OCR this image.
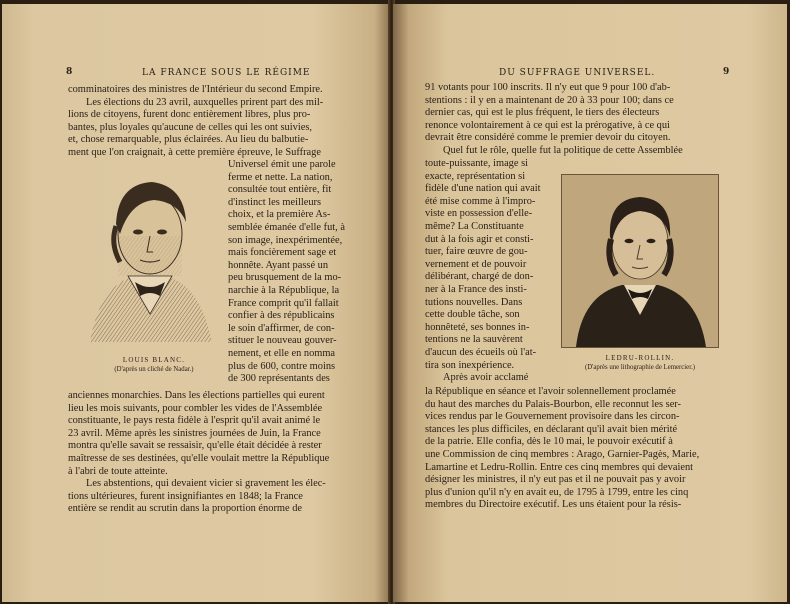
8	LA FRANCE SOUS LE RÉGIME

comminatoires des ministres de l'Intérieur du second Empire.

Les élections du 23 avril, auxquelles prirent part des mil-

lions de citoyens, furent donc entièrement libres, plus pro-

bantes, plus loyales qu'aucune de celles qui les ont suivies,

et, chose remarquable, plus éclairées. Au lieu du balbutie-

ment que l'on craignait, à cette première épreuve, le Suffrage

LOUIS BLANC.
(D'après un cliché de Nadar.)

Universel émit une parole

ferme et nette. La nation,

consultée tout entière, fit

d'instinct les meilleurs

choix, et la première As-

semblée émanée d'elle fut, à

son image, inexpérimentée,

mais foncièrement sage et

honnête. Ayant passé un

peu brusquement de la mo-

narchie à la République, la

France comprit qu'il fallait

confier à des républicains

le soin d'affirmer, de con-

stituer le nouveau gouver-

nement, et elle en nomma

plus de 600, contre moins

de 300 représentants des

anciennes monarchies. Dans les élections partielles qui eurent

lieu les mois suivants, pour combler les vides de l'Assemblée

constituante, le pays resta fidèle à l'esprit qu'il avait animé le

23 avril. Même après les sinistres journées de Juin, la France

montra qu'elle savait se ressaisir, qu'elle était décidée à rester

maîtresse de ses destinées, qu'elle voulait mettre la République

à l'abri de toute atteinte.

Les abstentions, qui devaient vicier si gravement les élec-

tions ultérieures, furent insignifiantes en 1848; la France

entière se rendit au scrutin dans la proportion énorme de

DU SUFFRAGE UNIVERSEL.	9

91 votants pour 100 inscrits. Il n'y eut que 9 pour 100 d'ab-

stentions : il y en a maintenant de 20 à 33 pour 100; dans ce

dernier cas, qui est le plus fréquent, le tiers des électeurs

renonce volontairement à ce qui est la prérogative, à ce qui

devrait être considéré comme le premier devoir du citoyen.

Quel fut le rôle, quelle fut la politique de cette Assemblée

toute-puissante, image si

exacte, représentation si

fidèle d'une nation qui avait

été mise comme à l'impro-

viste en possession d'elle-

même? La Constituante

dut à la fois agir et consti-

tuer, faire œuvre de gou-

vernement et de pouvoir

délibérant, chargé de don-

ner à la France des insti-

tutions nouvelles. Dans

cette double tâche, son

honnêteté, ses bonnes in-

tentions ne la sauvèrent

d'aucun des écueils où l'at-

tira son inexpérience.

Après avoir acclamé

LEDRU-ROLLIN.
(D'après une lithographie de Lemercier.)

la République en séance et l'avoir solennellement proclamée

du haut des marches du Palais-Bourbon, elle reconnut les ser-

vices rendus par le Gouvernement provisoire dans les circon-

stances les plus difficiles, en déclarant qu'il avait bien mérité

de la patrie. Elle confia, dès le 10 mai, le pouvoir exécutif à

une Commission de cinq membres : Arago, Garnier-Pagès, Marie,

Lamartine et Ledru-Rollin. Entre ces cinq membres qui devaient

désigner les ministres, il n'y eut pas et il ne pouvait pas y avoir

plus d'union qu'il n'y en avait eu, de 1795 à 1799, entre les cinq

membres du Directoire exécutif. Les uns étaient pour la résis-
